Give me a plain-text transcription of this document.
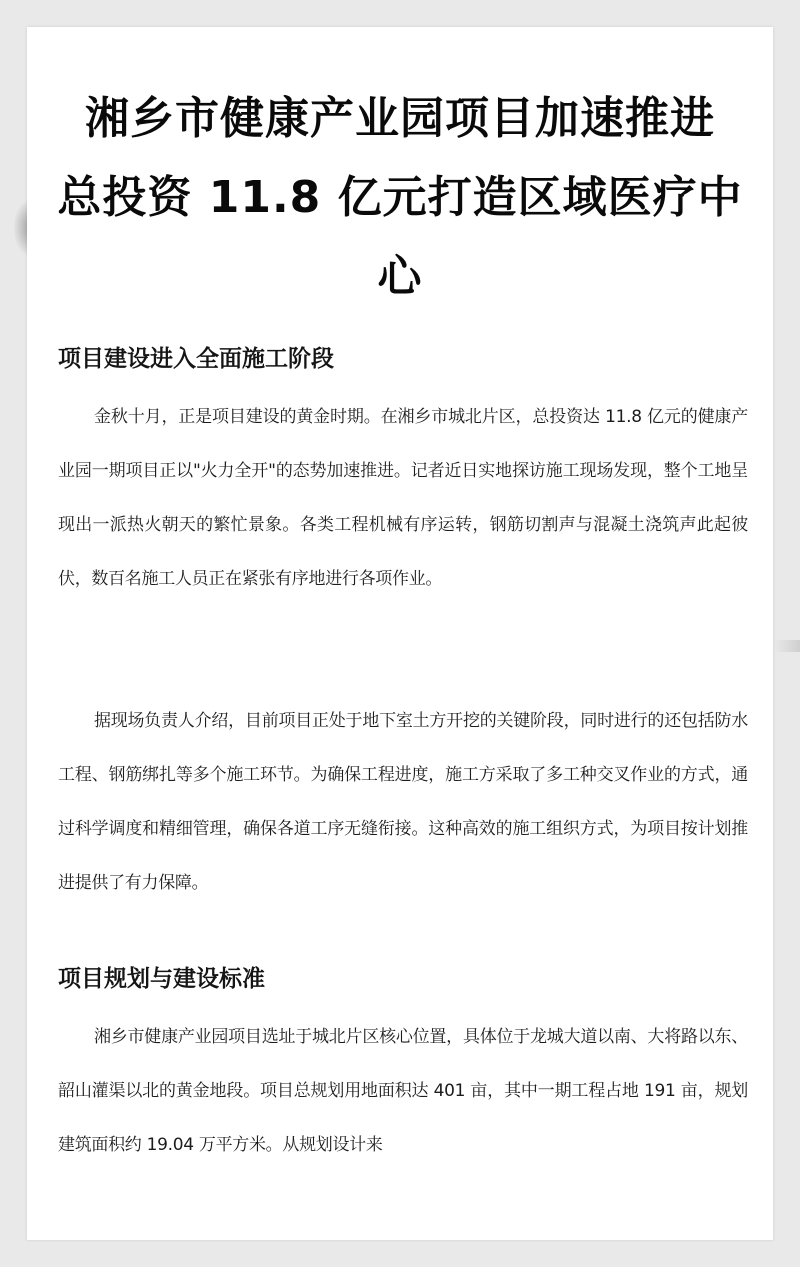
湘乡市健康产业园项目加速推进 总投资 11.8 亿元打造区域医疗中心
项目建设进入全面施工阶段

金秋十月，正是项目建设的黄金时期。在湘乡市城北片区，总投资达 11.8 亿元的健康产业园一期项目正以"火力全开"的态势加速推进。记者近日实地探访施工现场发现，整个工地呈现出一派热火朝天的繁忙景象。各类工程机械有序运转，钢筋切割声与混凝土浇筑声此起彼伏，数百名施工人员正在紧张有序地进行各项作业。

据现场负责人介绍，目前项目正处于地下室土方开挖的关键阶段，同时进行的还包括防水工程、钢筋绑扎等多个施工环节。为确保工程进度，施工方采取了多工种交叉作业的方式，通过科学调度和精细管理，确保各道工序无缝衔接。这种高效的施工组织方式，为项目按计划推进提供了有力保障。

项目规划与建设标准

湘乡市健康产业园项目选址于城北片区核心位置，具体位于龙城大道以南、大将路以东、韶山灌渠以北的黄金地段。项目总规划用地面积达 401 亩，其中一期工程占地 191 亩，规划建筑面积约 19.04 万平方米。从规划设计来
